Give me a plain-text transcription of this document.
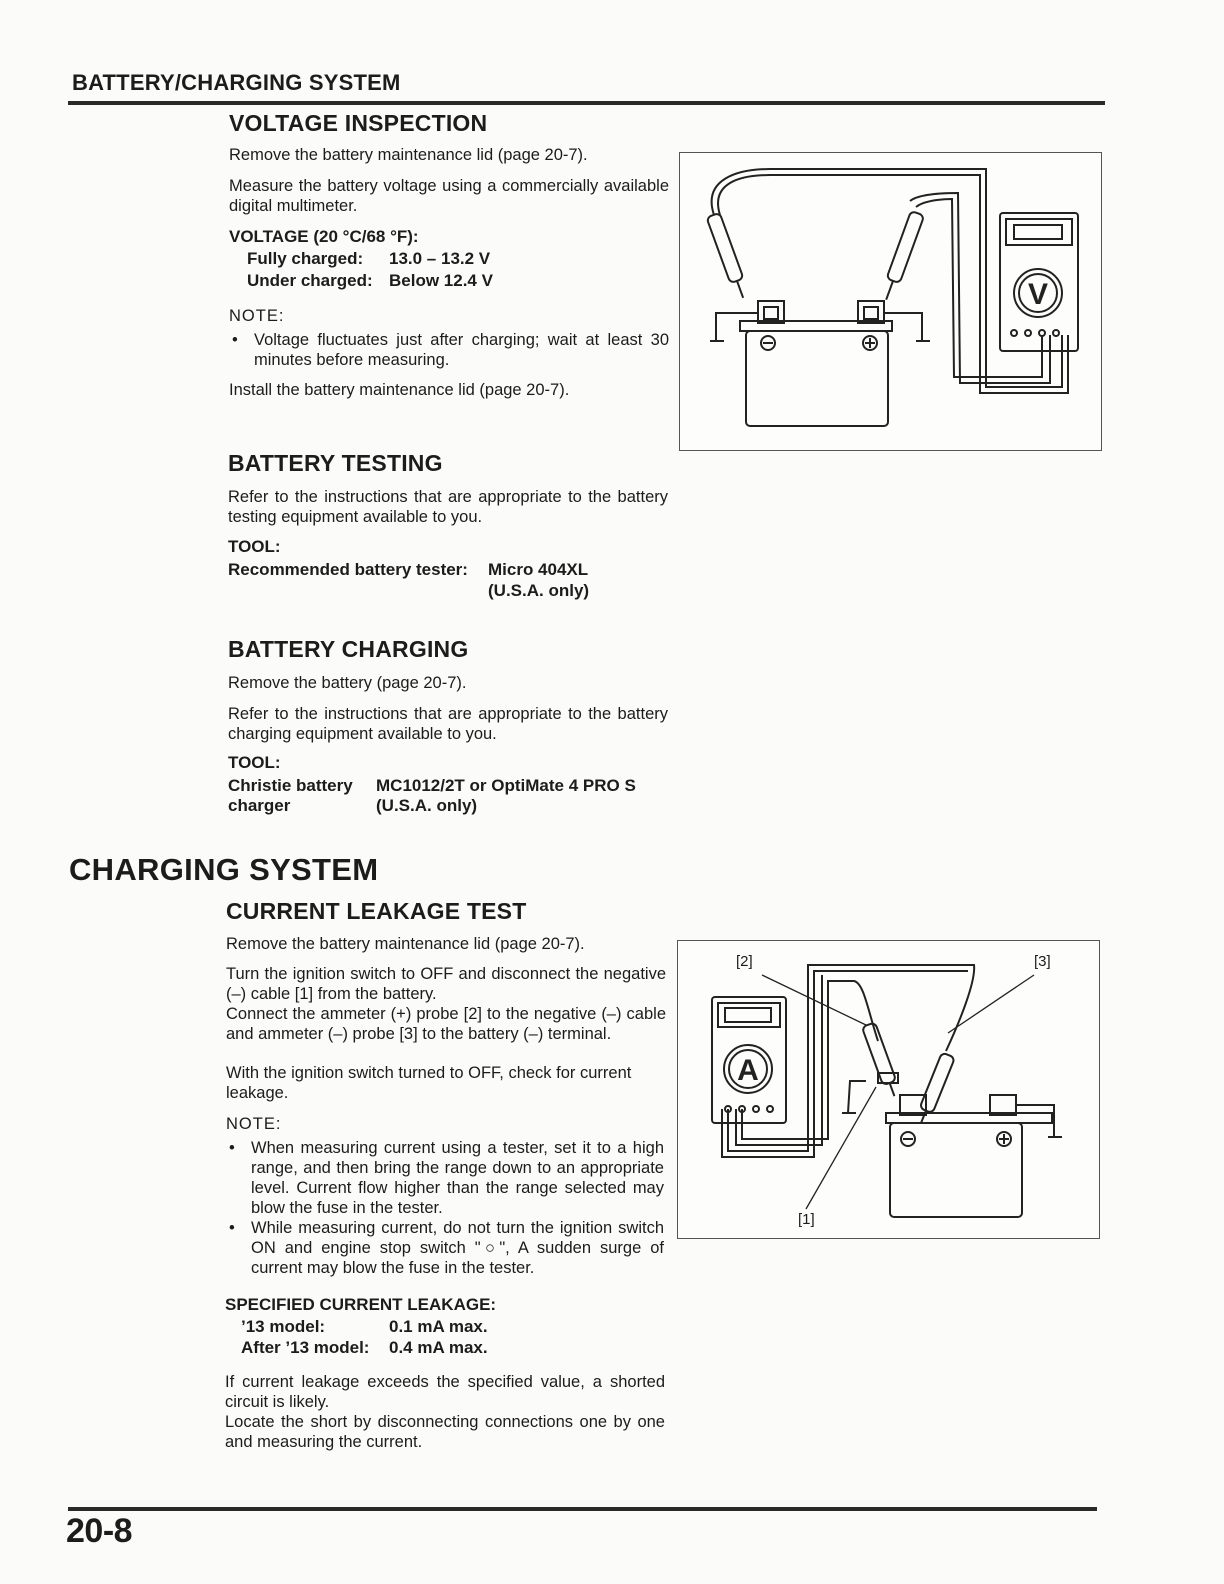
BATTERY/CHARGING SYSTEM
VOLTAGE INSPECTION
Remove the battery maintenance lid (page 20-7).
Measure the battery voltage using a commercially available digital multimeter.
VOLTAGE (20 °C/68 °F):
Fully charged: 13.0 – 13.2 V
Under charged: Below 12.4 V
NOTE:
• Voltage fluctuates just after charging; wait at least 30 minutes before measuring.
Install the battery maintenance lid (page 20-7).
V
BATTERY TESTING
Refer to the instructions that are appropriate to the battery testing equipment available to you.
TOOL:
Recommended battery tester: Micro 404XL
(U.S.A. only)
BATTERY CHARGING
Remove the battery (page 20-7).
Refer to the instructions that are appropriate to the battery charging equipment available to you.
TOOL:
Christie battery
charger
MC1012/2T or OptiMate 4 PRO S
(U.S.A. only)
CHARGING SYSTEM
CURRENT LEAKAGE TEST
Remove the battery maintenance lid (page 20-7).
Turn the ignition switch to OFF and disconnect the negative (–) cable [1] from the battery.
Connect the ammeter (+) probe [2] to the negative (–) cable and ammeter (–) probe [3] to the battery (–) terminal.
With the ignition switch turned to OFF, check for current leakage.
NOTE:
• When measuring current using a tester, set it to a high range, and then bring the range down to an appropriate level. Current flow higher than the range selected may blow the fuse in the tester.
• While measuring current, do not turn the ignition switch ON and engine stop switch "○", A sudden surge of current may blow the fuse in the tester.
SPECIFIED CURRENT LEAKAGE:
’13 model:	0.1 mA max.
After ’13 model: 0.4 mA max.
If current leakage exceeds the specified value, a shorted circuit is likely.
Locate the short by disconnecting connections one by one and measuring the current.
A
[2]	[3]
[1]
20-8
